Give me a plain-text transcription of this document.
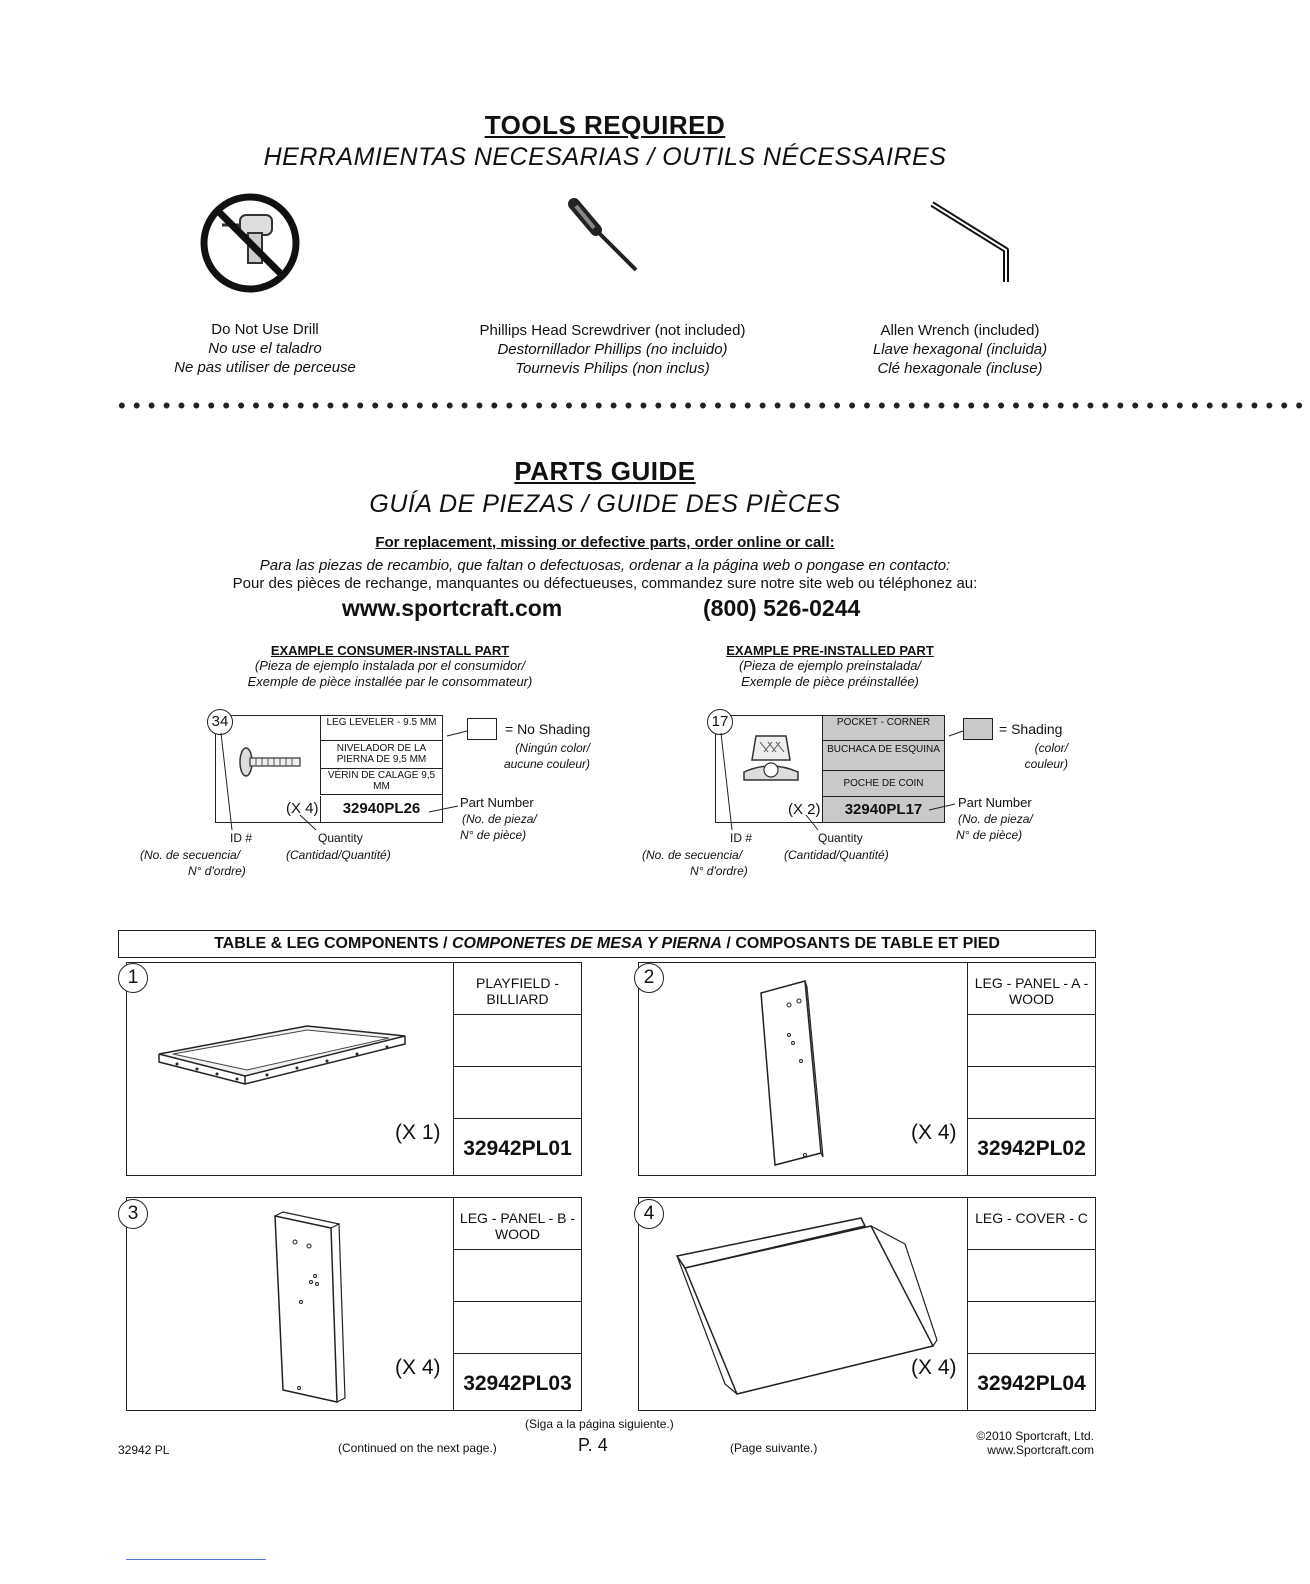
TOOLS REQUIRED
HERRAMIENTAS NECESARIAS / OUTILS NÉCESSAIRES
Do Not Use Drill
No use el taladro
Ne pas utiliser de perceuse
Phillips Head Screwdriver (not included)
Destornillador Phillips (no incluido)
Tournevis Philips (non inclus)
Allen Wrench (included)
Llave hexagonal (incluida)
Clé hexagonale (incluse)
••••••••••••••••••••••••••••••••••••••••••••••••••••••••••••••••••••••••••••••••
PARTS GUIDE
GUÍA DE PIEZAS / GUIDE DES PIÈCES
For replacement, missing or defective parts, order online or call:
Para las piezas de recambio, que faltan o defectuosas, ordenar a la página web o pongase en contacto:
Pour des pièces de rechange, manquantes ou défectueuses, commandez sure notre site web ou téléphonez au:
www.sportcraft.com	(800) 526-0244
EXAMPLE CONSUMER-INSTALL PART
(Pieza de ejemplo instalada por el consumidor/
Exemple de pièce installée par le consommateur)
LEG LEVELER - 9.5 MM
NIVELADOR DE LA PIERNA DE 9,5 MM
VÉRIN DE CALAGE 9,5 MM
32940PL26
(X 4)
34	= No Shading
(Ningún color/
aucune couleur)
Part Number
(No. de pieza/
N° de pièce)
ID #
(No. de secuencia/
N° d'ordre)
Quantity
(Cantidad/Quantité)
EXAMPLE PRE-INSTALLED PART
(Pieza de ejemplo preinstalada/
Exemple de pièce préinstallée)
POCKET - CORNER
BUCHACA DE ESQUINA
POCHE DE COIN
32940PL17
(X 2)
17	= Shading
(color/
couleur)
Part Number
(No. de pieza/
N° de pièce)
ID #
(No. de secuencia/
N° d'ordre)
Quantity
(Cantidad/Quantité)
TABLE & LEG COMPONENTS / COMPONETES DE MESA Y PIERNA / COMPOSANTS DE TABLE ET PIED
(X 1)
PLAYFIELD - BILLIARD
32942PL01
1
(X 4)
LEG - PANEL - A - WOOD
32942PL02
2
(X 4)
LEG - PANEL - B - WOOD
32942PL03
3
(X 4)
LEG - COVER - C
32942PL04
4
32942 PL	(Continued on the next page.)
(Siga a la página siguiente.)
P. 4	(Page suivante.)
©2010 Sportcraft, Ltd.
www.Sportcraft.com
